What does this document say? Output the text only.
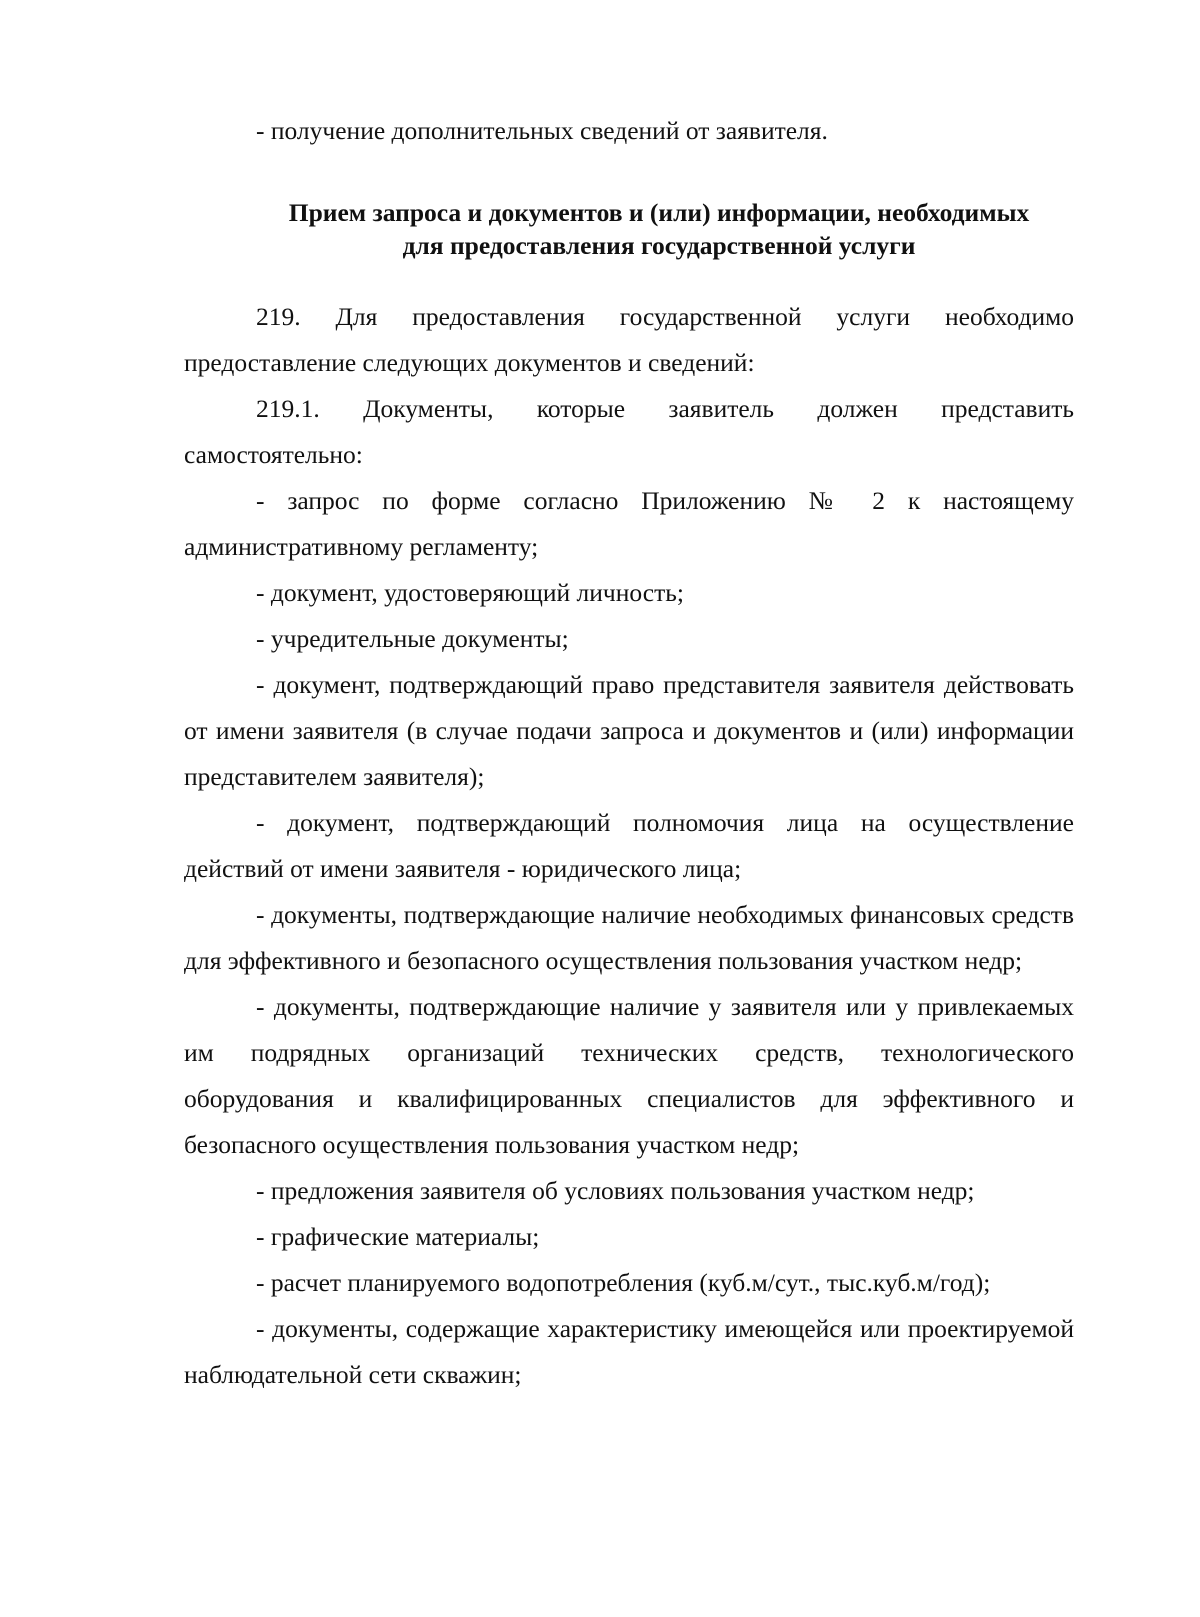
- получение дополнительных сведений от заявителя.

Прием запроса и документов и (или) информации, необходимых
для предоставления государственной услуги

219. Для предоставления государственной услуги необходимо предоставление следующих документов и сведений:

219.1. Документы, которые заявитель должен представить самостоятельно:

- запрос по форме согласно Приложению № 2 к настоящему административному регламенту;

- документ, удостоверяющий личность;

- учредительные документы;

- документ, подтверждающий право представителя заявителя действовать от имени заявителя (в случае подачи запроса и документов и (или) информации представителем заявителя);

- документ, подтверждающий полномочия лица на осуществление действий от имени заявителя - юридического лица;

- документы, подтверждающие наличие необходимых финансовых средств для эффективного и безопасного осуществления пользования участком недр;

- документы, подтверждающие наличие у заявителя или у привлекаемых им подрядных организаций технических средств, технологического оборудования и квалифицированных специалистов для эффективного и безопасного осуществления пользования участком недр;

- предложения заявителя об условиях пользования участком недр;

- графические материалы;

- расчет планируемого водопотребления (куб.м/сут., тыс.куб.м/год);

- документы, содержащие характеристику имеющейся или проектируемой наблюдательной сети скважин;
